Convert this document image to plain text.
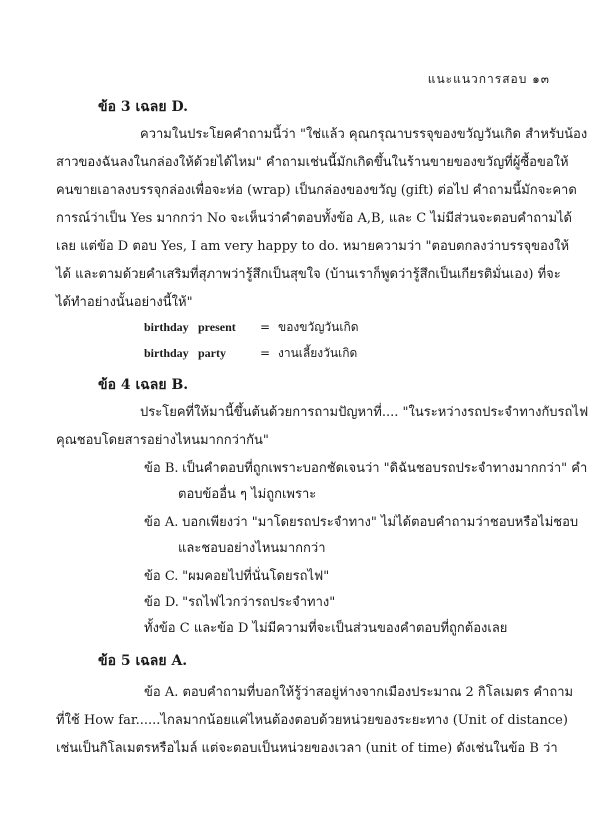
แนะแนวการสอบ ๑๓
ข้อ 3 เฉลย D.
ความในประโยคคำถามนี้ว่า "ใช่แล้ว คุณกรุณาบรรจุของขวัญวันเกิด สำหรับน้อง
สาวของฉันลงในกล่องให้ด้วยได้ไหม" คำถามเช่นนี้มักเกิดขึ้นในร้านขายของขวัญที่ผู้ซื้อขอให้
คนขายเอาลงบรรจุกล่องเพื่อจะห่อ (wrap) เป็นกล่องของขวัญ (gift) ต่อไป คำถามนี้มักจะคาด
การณ์ว่าเป็น Yes มากกว่า No จะเห็นว่าคำตอบทั้งข้อ A,B, และ C ไม่มีส่วนจะตอบคำถามได้
เลย แต่ข้อ D ตอบ Yes, I am very happy to do. หมายความว่า "ตอบตกลงว่าบรรจุของให้
ได้ และตามด้วยคำเสริมที่สุภาพว่ารู้สึกเป็นสุขใจ (บ้านเราก็พูดว่ารู้สึกเป็นเกียรติมั่นเอง) ที่จะ
ได้ทำอย่างนั้นอย่างนี้ให้"
birthday present	= ของขวัญวันเกิด
birthday party	= งานเลี้ยงวันเกิด
ข้อ 4 เฉลย B.
ประโยคที่ให้มานี้ขึ้นต้นด้วยการถามปัญหาที่.... "ในระหว่างรถประจำทางกับรถไฟ
คุณชอบโดยสารอย่างไหนมากกว่ากัน"
ข้อ B. เป็นคำตอบที่ถูกเพราะบอกชัดเจนว่า "ดิฉันชอบรถประจำทางมากกว่า" คำ
ตอบข้ออื่น ๆ ไม่ถูกเพราะ
ข้อ A. บอกเพียงว่า "มาโดยรถประจำทาง" ไม่ได้ตอบคำถามว่าชอบหรือไม่ชอบ
และชอบอย่างไหนมากกว่า
ข้อ C. "ผมคอยไปที่นั่นโดยรถไฟ"
ข้อ D. "รถไฟไวกว่ารถประจำทาง"
ทั้งข้อ C และข้อ D ไม่มีความที่จะเป็นส่วนของคำตอบที่ถูกต้องเลย
ข้อ 5 เฉลย A.
ข้อ A. ตอบคำถามที่บอกให้รู้ว่าสอยู่ห่างจากเมืองประมาณ 2 กิโลเมตร คำถาม
ที่ใช้ How far......ไกลมากน้อยแค่ไหนต้องตอบด้วยหน่วยของระยะทาง (Unit of distance)
เช่นเป็นกิโลเมตรหรือไมล์ แต่จะตอบเป็นหน่วยของเวลา (unit of time) ดังเช่นในข้อ B ว่า
